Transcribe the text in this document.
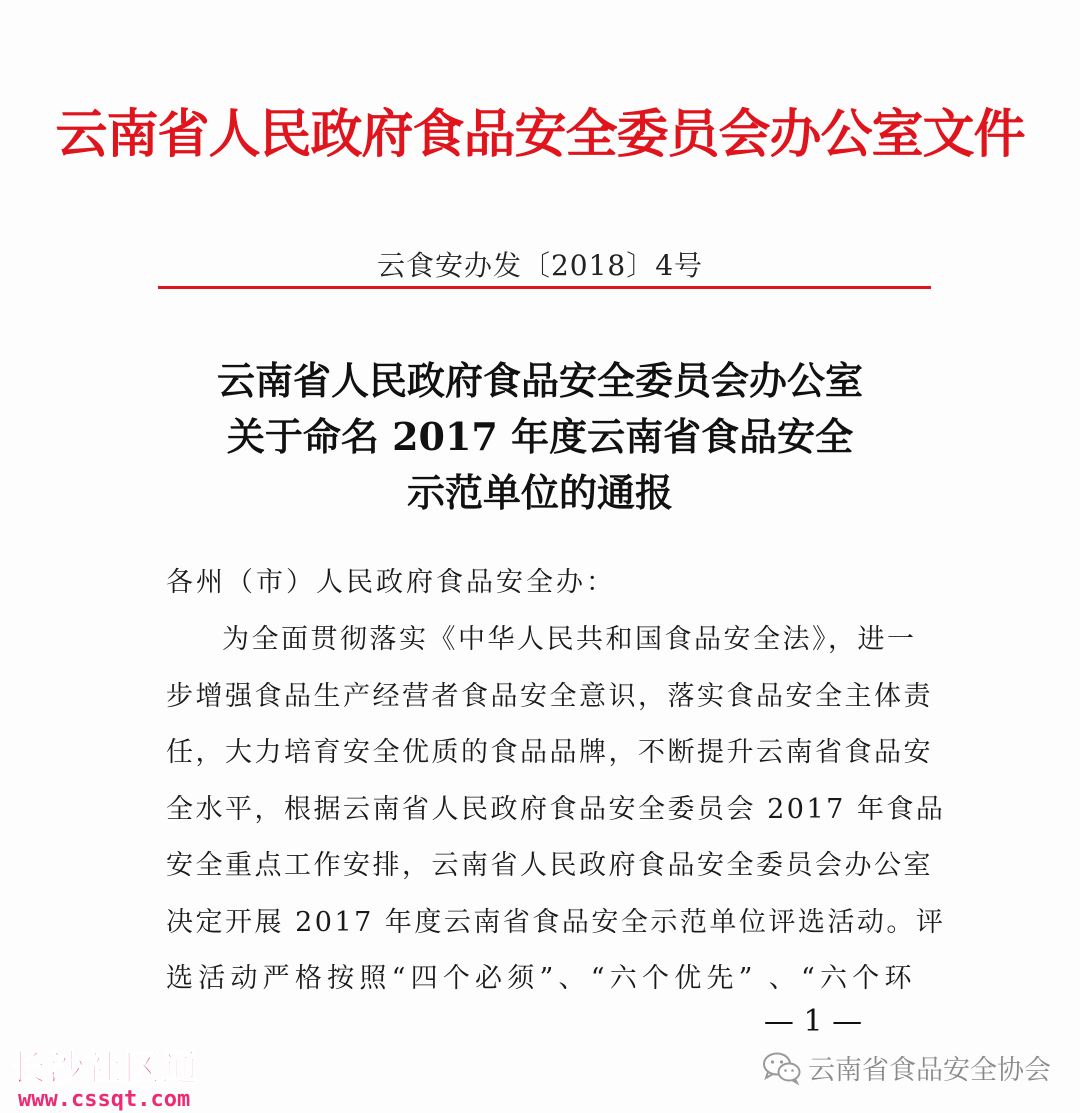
云南省人民政府食品安全委员会办公室文件
云食安办发〔2018〕4号
云南省人民政府食品安全委员会办公室
关于命名 2017 年度云南省食品安全
示范单位的通报
各州（市）人民政府食品安全办：
为全面贯彻落实《中华人民共和国食品安全法》，进一
步增强食品生产经营者食品安全意识，落实食品安全主体责
任，大力培育安全优质的食品品牌，不断提升云南省食品安
全水平，根据云南省人民政府食品安全委员会 2017 年食品
安全重点工作安排，云南省人民政府食品安全委员会办公室
决定开展 2017 年度云南省食品安全示范单位评选活动。评
选活动严格按照“四个必须”、“六个优先” 、“六个环
— 1 —
长沙社区通
www.cssqt.com
云南省食品安全协会
